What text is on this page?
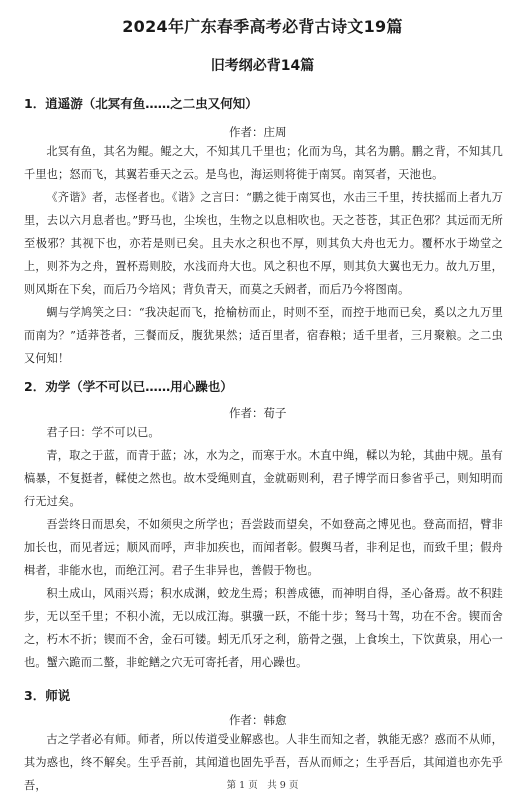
2024年广东春季高考必背古诗文19篇
旧考纲必背14篇
1．逍遥游（北冥有鱼……之二虫又何知）
作者：庄周

北冥有鱼，其名为鲲。鲲之大，不知其几千里也；化而为鸟，其名为鹏。鹏之背，不知其几千里也；怒而飞，其翼若垂天之云。是鸟也，海运则将徙于南冥。南冥者，天池也。

《齐谐》者，志怪者也。《谐》之言曰：“鹏之徙于南冥也，水击三千里，抟扶摇而上者九万里，去以六月息者也。”野马也，尘埃也，生物之以息相吹也。天之苍苍，其正色邪？其远而无所至极邪？其视下也，亦若是则已矣。且夫水之积也不厚，则其负大舟也无力。覆杯水于坳堂之上，则芥为之舟，置杯焉则胶，水浅而舟大也。风之积也不厚，则其负大翼也无力。故九万里，则风斯在下矣，而后乃今培风；背负青天，而莫之夭阏者，而后乃今将图南。

蜩与学鸠笑之曰：“我决起而飞，抢榆枋而止，时则不至，而控于地而已矣，奚以之九万里而南为？”适莽苍者，三餐而反，腹犹果然；适百里者，宿舂粮；适千里者，三月聚粮。之二虫又何知！

2．劝学（学不可以已……用心躁也）
作者：荀子

君子曰：学不可以已。

青，取之于蓝，而青于蓝；冰，水为之，而寒于水。木直中绳，輮以为轮，其曲中规。虽有槁暴，不复挺者，輮使之然也。故木受绳则直，金就砺则利，君子博学而日参省乎己，则知明而行无过矣。

吾尝终日而思矣，不如须臾之所学也；吾尝跂而望矣，不如登高之博见也。登高而招，臂非加长也，而见者远；顺风而呼，声非加疾也，而闻者彰。假舆马者，非利足也，而致千里；假舟楫者，非能水也，而绝江河。君子生非异也，善假于物也。

积土成山，风雨兴焉；积水成渊，蛟龙生焉；积善成德，而神明自得，圣心备焉。故不积跬步，无以至千里；不积小流，无以成江海。骐骥一跃，不能十步；驽马十驾，功在不舍。锲而舍之，朽木不折；锲而不舍，金石可镂。蚓无爪牙之利，筋骨之强，上食埃土，下饮黄泉，用心一也。蟹六跪而二螯，非蛇鳝之穴无可寄托者，用心躁也。

3．师说
作者：韩愈

古之学者必有师。师者，所以传道受业解惑也。人非生而知之者，孰能无惑？惑而不从师，其为惑也，终不解矣。生乎吾前，其闻道也固先乎吾，吾从而师之；生乎吾后，其闻道也亦先乎吾，	第 1 页　共 9 页
